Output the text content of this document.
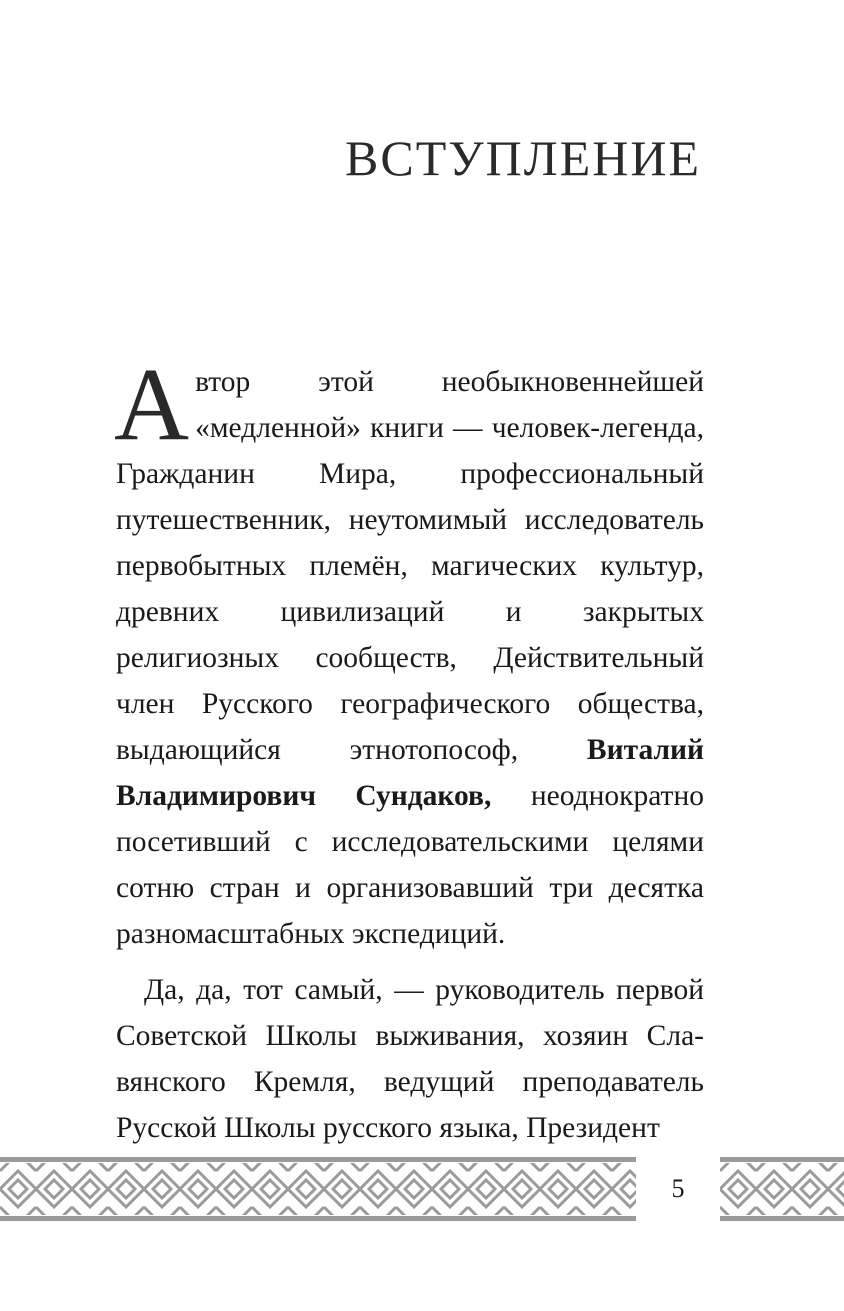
ВСТУПЛЕНИЕ

Автор этой необыкновеннейшей «медленной» книги — человек-легенда, Гражданин Мира, профессиональный путешественник, неутомимый исследователь первобытных племён, магических культур, древних цивилизаций и закрытых религиозных сообществ, Действительный член Русского географического общества, выдающийся этнотопософ, Виталий Владимирович Сундаков, неоднократно посетивший с исследовательскими целями сотню стран и организовавший три десятка разномасштабных экспедиций.

Да, да, тот самый, — руководитель первой Советской Школы выживания, хозяин Славянского Кремля, ведущий преподаватель Русской Школы русского языка, Президент

5
